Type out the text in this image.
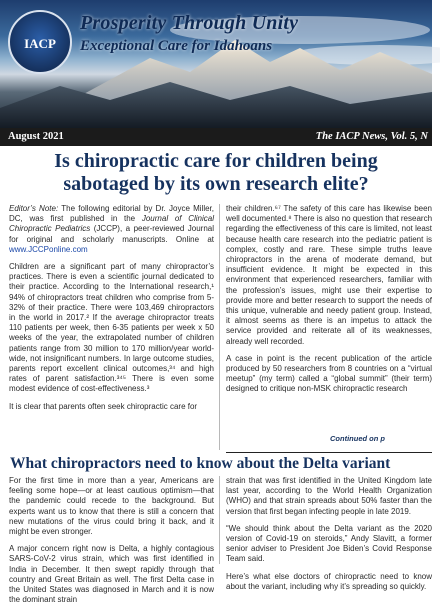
IACP
Prosperity Through Unity
Exceptional Care for Idahoans
August 2021	The IACP News, Vol. 5, N
Is chiropractic care for children being sabotaged by its own research elite?

Editor’s Note: The following editorial by Dr. Joyce Miller, DC, was first published in the Journal of Clinical Chiropractic Pediatrics (JCCP), a peer-reviewed Journal for original and scholarly manuscripts. Online at www.JCCPonline.com

Children are a significant part of many chiropractor’s practices. There is even a scientific journal dedicated to their practice. According to the International research,¹ 94% of chiropractors treat children who comprise from 5-32% of their practice. There were 103,469 chiropractors in the world in 2017.² If the average chiropractor treats 110 patients per week, then 6-35 patients per week x 50 weeks of the year, the extrapolated number of children patients range from 30 million to 170 million/year world-wide, not insignificant numbers. In large outcome studies, parents report excellent clinical outcomes,³⁴ and high rates of parent satisfaction.³⁴⁵ There is even some modest evidence of cost-effectiveness.³

It is clear that parents often seek chiropractic care for

their children.⁶⁷ The safety of this care has likewise been well documented.⁸ There is also no question that research regarding the effectiveness of this care is limited, not least because health care research into the pediatric patient is complex, costly and rare. These simple truths leave chiropractors in the arena of moderate demand, but insufficient evidence. It might be expected in this environment that experienced researchers, familiar with the profession’s issues, might use their expertise to provide more and better research to support the needs of this unique, vulnerable and needy patient group. Instead, it almost seems as there is an impetus to attack the service provided and reiterate all of its weaknesses, already well recorded.

A case in point is the recent publication of the article produced by 50 researchers from 8 countries on a “virtual meetup” (my term) called a “global summit” (their term) designed to critique non-MSK chiropractic research

Continued on p
What chiropractors need to know about the Delta variant

For the first time in more than a year, Americans are feeling some hope—or at least cautious optimism—that the pandemic could recede to the background. But experts want us to know that there is still a concern that new mutations of the virus could bring it back, and it might be even stronger.

A major concern right now is Delta, a highly contagious SARS-CoV-2 virus strain, which was first identified in India in December. It then swept rapidly through that country and Great Britain as well. The first Delta case in the United States was diagnosed in March and it is now the dominant strain

strain that was first identified in the United Kingdom late last year, according to the World Health Organization (WHO) and that strain spreads about 50% faster than the version that first began infecting people in late 2019.

“We should think about the Delta variant as the 2020 version of Covid-19 on steroids,” Andy Slavitt, a former senior adviser to President Joe Biden’s Covid Response Team said.

Here’s what else doctors of chiropractic need to know about the variant, including why it’s spreading so quickly.
